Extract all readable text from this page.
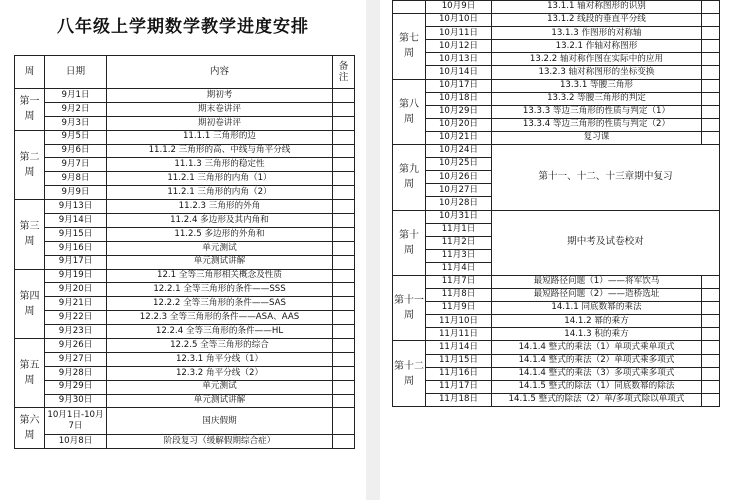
八年级上学期数学教学进度安排
周	日期	内容	备
注
第一
周	9月1日	期初考	
	9月2日	期末卷讲评	
	9月3日	期初卷讲评	
第二
周	9月5日	11.1.1 三角形的边	
	9月6日	11.1.2 三角形的高、中线与角平分线	
	9月7日	11.1.3 三角形的稳定性	
	9月8日	11.2.1 三角形的内角（1）	
	9月9日	11.2.1 三角形的内角（2）	
第三
周	9月13日	11.2.3 三角形的外角	
	9月14日	11.2.4 多边形及其内角和	
	9月15日	11.2.5 多边形的外角和	
	9月16日	单元测试	
	9月17日	单元测试讲解	
第四
周	9月19日	12.1 全等三角形相关概念及性质	
	9月20日	12.2.1 全等三角形的条件——SSS	
	9月21日	12.2.2 全等三角形的条件——SAS	
	9月22日	12.2.3 全等三角形的条件——ASA、AAS	
	9月23日	12.2.4 全等三角形的条件——HL	
第五
周	9月26日	12.2.5 全等三角形的综合	
	9月27日	12.3.1 角平分线（1）	
	9月28日	12.3.2 角平分线（2）	
	9月29日	单元测试	
	9月30日	单元测试讲解	
第六
周	10月1日-10月7日	国庆假期	
	10月8日	阶段复习（缓解假期综合症）	
	10月9日	13.1.1 轴对称图形的识别	
第七
周	10月10日	13.1.2 线段的垂直平分线	
	10月11日	13.1.3 作图形的对称轴	
	10月12日	13.2.1 作轴对称图形	
	10月13日	13.2.2 轴对称作图在实际中的应用	
	10月14日	13.2.3 轴对称图形的坐标变换	
第八
周	10月17日	13.3.1 等腰三角形	
	10月18日	13.3.2 等腰三角形的判定	
	10月29日	13.3.3 等边三角形的性质与判定（1）	
	10月20日	13.3.4 等边三角形的性质与判定（2）	
	10月21日	复习课	
第九
周	10月24日	第十一、十二、十三章期中复习	
	10月25日		
	10月26日		
	10月27日		
	10月28日		
第十
周	10月31日	期中考及试卷校对	
	11月1日		
	11月2日		
	11月3日		
	11月4日		
第十一
周	11月7日	最短路径问题（1）——将军饮马	
	11月8日	最短路径问题（2）——造桥选址	
	11月9日	14.1.1 同底数幂的乘法	
	11月10日	14.1.2 幂的乘方	
	11月11日	14.1.3 积的乘方	
第十二
周	11月14日	14.1.4 整式的乘法（1）单项式乘单项式	
	11月15日	14.1.4 整式的乘法（2）单项式乘多项式	
	11月16日	14.1.4 整式的乘法（3）多项式乘多项式	
	11月17日	14.1.5 整式的除法（1）同底数幂的除法	
	11月18日	14.1.5 整式的除法（2）单/多项式除以单项式	
